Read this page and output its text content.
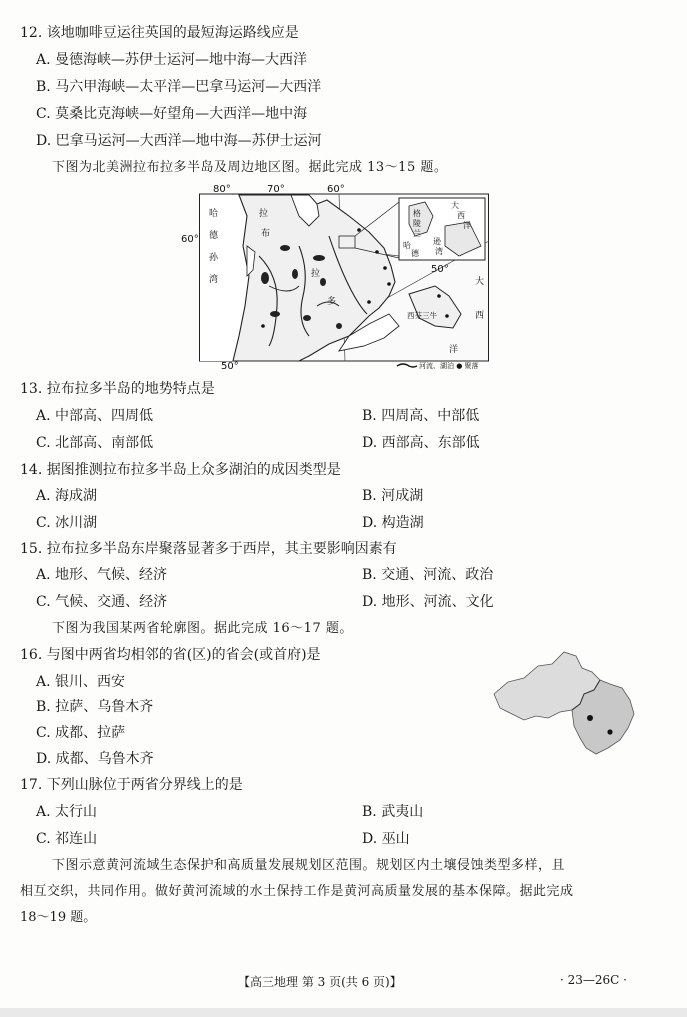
12. 该地咖啡豆运往英国的最短海运路线应是
A. 曼德海峡—苏伊士运河—地中海—大西洋
B. 马六甲海峡—太平洋—巴拿马运河—大西洋
C. 莫桑比克海峡—好望角—大西洋—地中海
D. 巴拿马运河—大西洋—地中海—苏伊士运河
下图为北美洲拉布拉多半岛及周边地区图。据此完成 13～15 题。
80°	70°	60°
50°
60°
50°
哈
德
孙
湾
拉
布
拉
多
格
陵
兰
大
西
洋
哈
德
逊
湾
大
西
洋
西芬三牛
河流、湖泊 ● 聚落
13. 拉布拉多半岛的地势特点是
A. 中部高、四周低	B. 四周高、中部低
C. 北部高、南部低	D. 西部高、东部低
14. 据图推测拉布拉多半岛上众多湖泊的成因类型是
A. 海成湖	B. 河成湖
C. 冰川湖	D. 构造湖
15. 拉布拉多半岛东岸聚落显著多于西岸，其主要影响因素有
A. 地形、气候、经济	B. 交通、河流、政治
C. 气候、交通、经济	D. 地形、河流、文化
下图为我国某两省轮廓图。据此完成 16～17 题。
16. 与图中两省均相邻的省(区)的省会(或首府)是
A. 银川、西安
B. 拉萨、乌鲁木齐
C. 成都、拉萨
D. 成都、乌鲁木齐
17. 下列山脉位于两省分界线上的是
A. 太行山	B. 武夷山
C. 祁连山	D. 巫山
下图示意黄河流域生态保护和高质量发展规划区范围。规划区内土壤侵蚀类型多样，且
相互交织，共同作用。做好黄河流域的水土保持工作是黄河高质量发展的基本保障。据此完成
18～19 题。
【高三地理 第 3 页(共 6 页)】	· 23—26C ·
